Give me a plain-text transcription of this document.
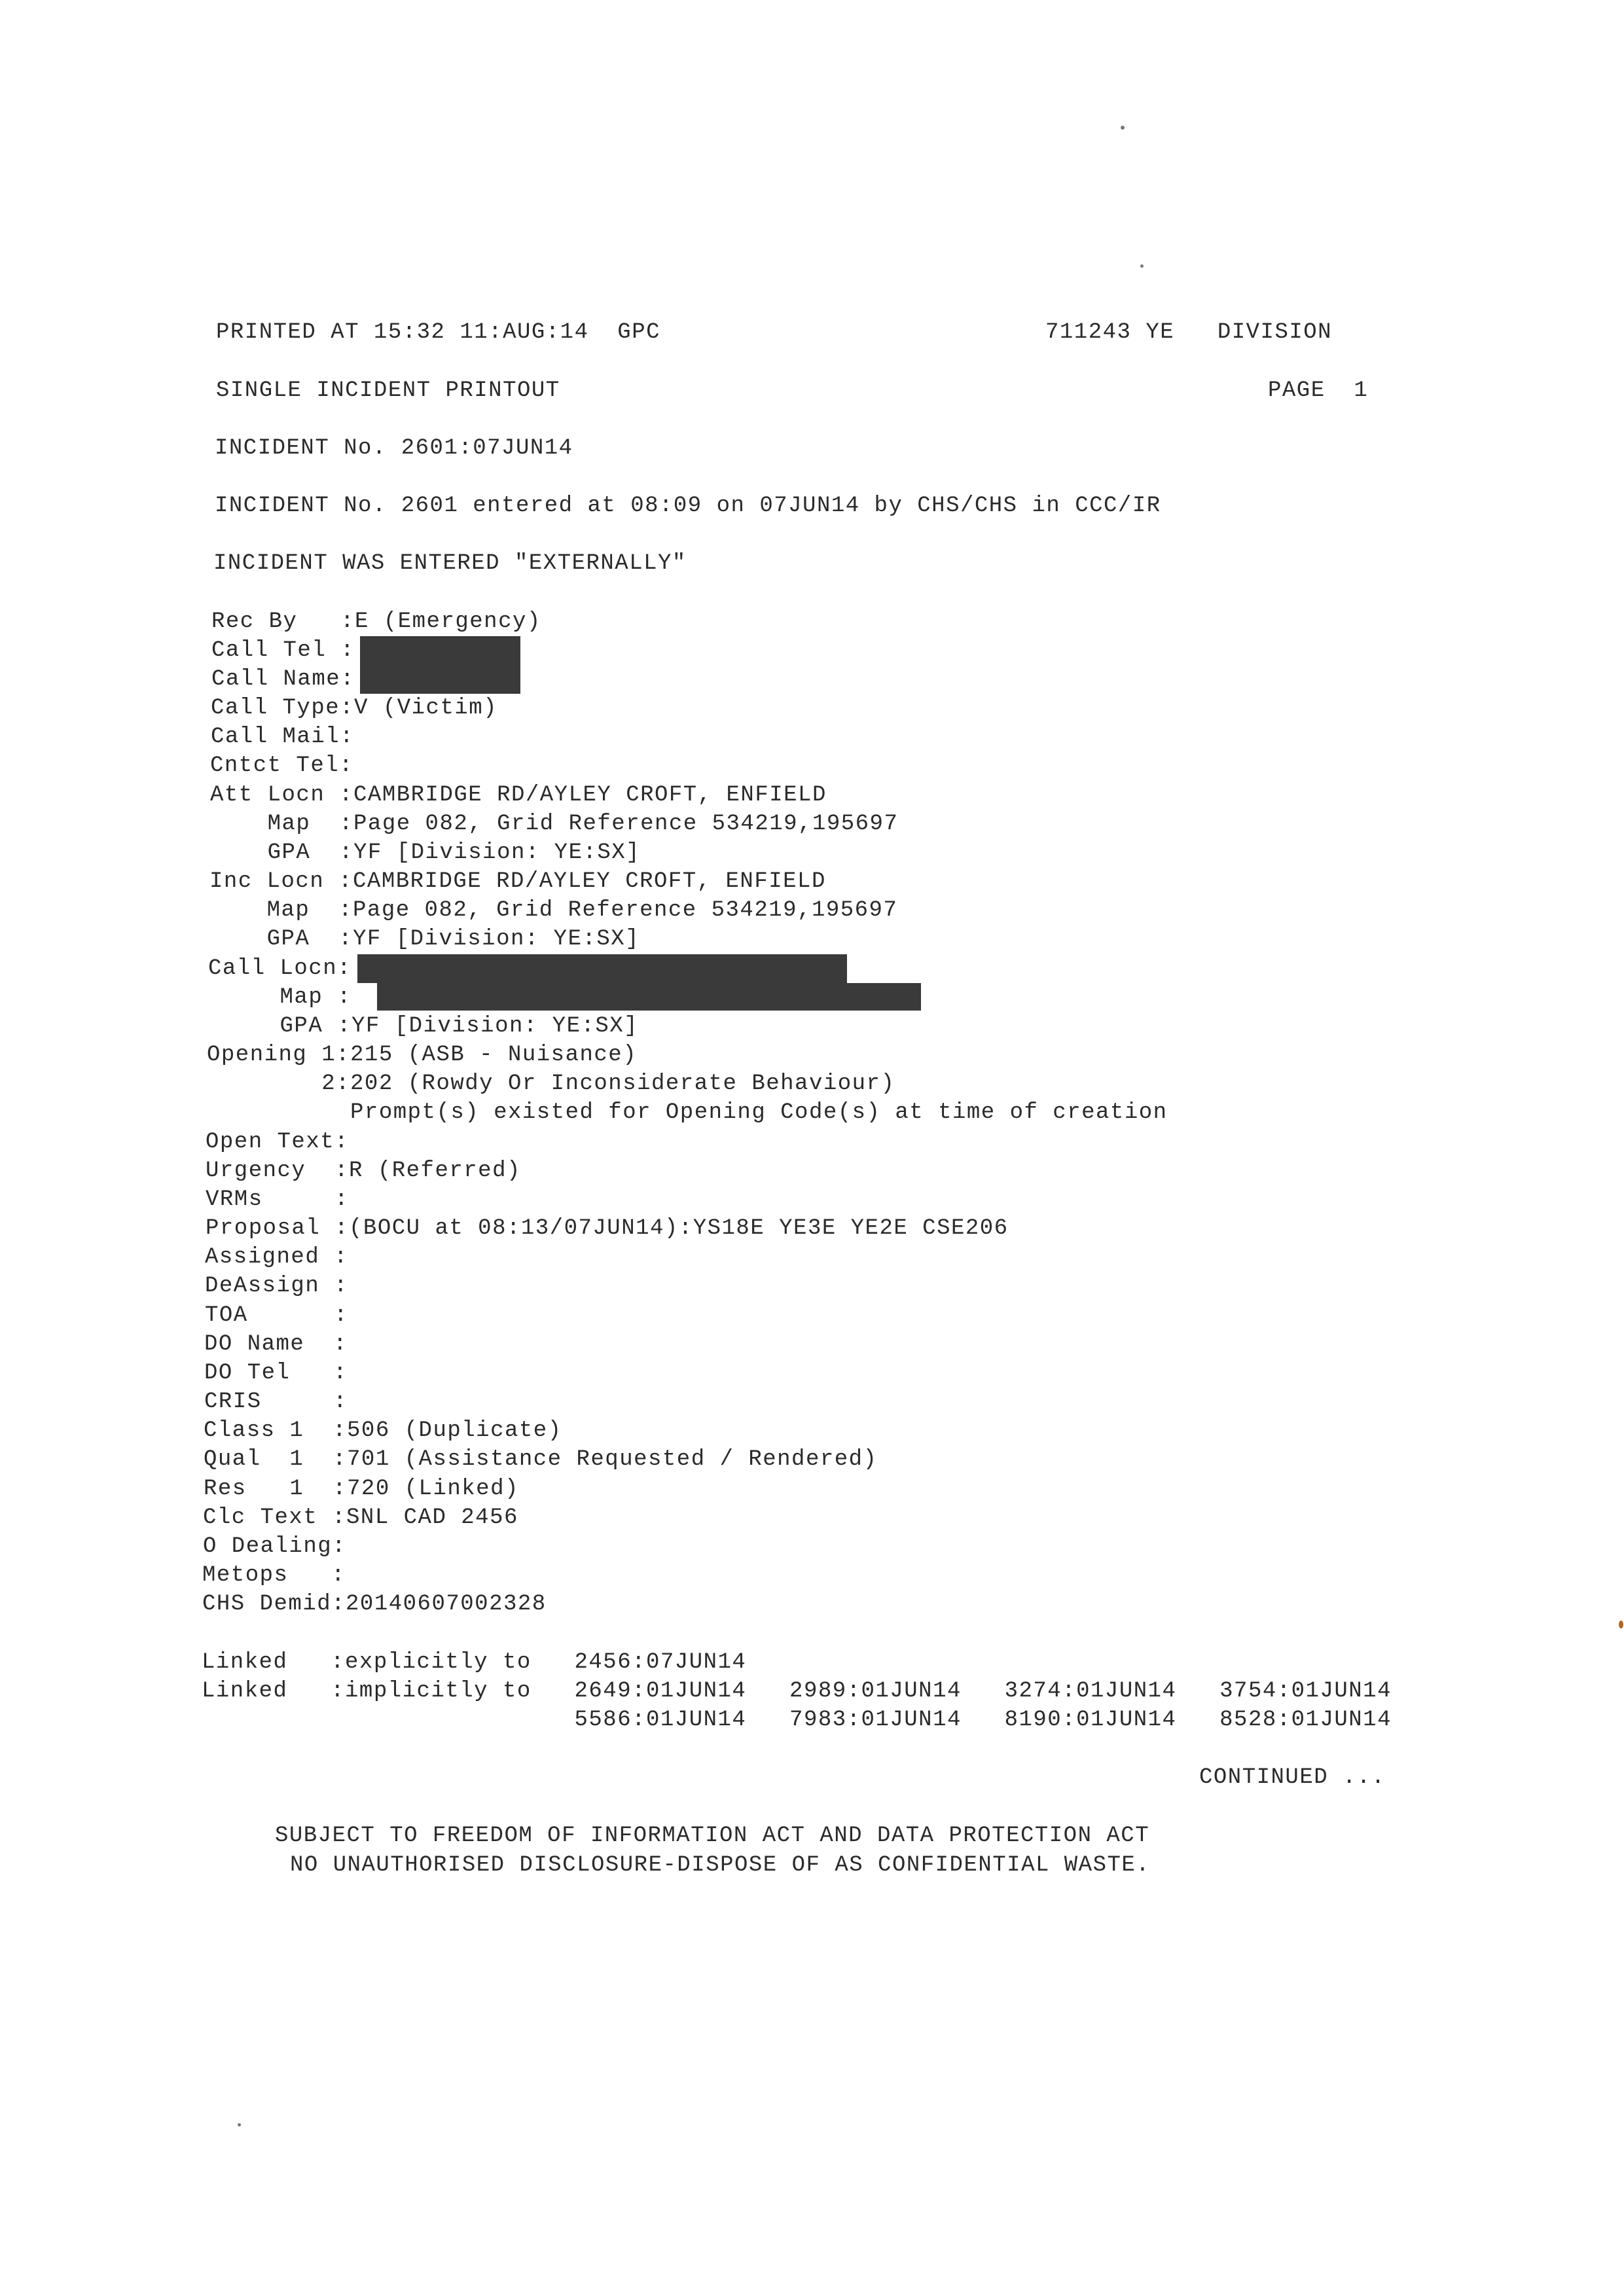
PRINTED AT 15:32 11:AUG:14  GPC	711243 YE   DIVISION
SINGLE INCIDENT PRINTOUT	PAGE  1
INCIDENT No. 2601:07JUN14
INCIDENT No. 2601 entered at 08:09 on 07JUN14 by CHS/CHS in CCC/IR
INCIDENT WAS ENTERED "EXTERNALLY"
Rec By   :E (Emergency)
Call Tel :
Call Name:
Call Type:V (Victim)
Call Mail:
Cntct Tel:
Att Locn :CAMBRIDGE RD/AYLEY CROFT, ENFIELD
Map  :Page 082, Grid Reference 534219,195697
GPA  :YF [Division: YE:SX]
Inc Locn :CAMBRIDGE RD/AYLEY CROFT, ENFIELD
Map  :Page 082, Grid Reference 534219,195697
GPA  :YF [Division: YE:SX]
Call Locn:
Map :
GPA :YF [Division: YE:SX]
Opening 1:215 (ASB - Nuisance)
2:202 (Rowdy Or Inconsiderate Behaviour)
Prompt(s) existed for Opening Code(s) at time of creation
Open Text:
Urgency  :R (Referred)
VRMs     :
Proposal :(BOCU at 08:13/07JUN14):YS18E YE3E YE2E CSE206
Assigned :
DeAssign :
TOA      :
DO Name  :
DO Tel   :
CRIS     :
Class 1  :506 (Duplicate)
Qual  1  :701 (Assistance Requested / Rendered)
Res   1  :720 (Linked)
Clc Text :SNL CAD 2456
O Dealing:
Metops   :
CHS Demid:20140607002328
Linked   :explicitly to   2456:07JUN14
Linked   :implicitly to   2649:01JUN14   2989:01JUN14   3274:01JUN14   3754:01JUN14
5586:01JUN14   7983:01JUN14   8190:01JUN14   8528:01JUN14
CONTINUED ...
SUBJECT TO FREEDOM OF INFORMATION ACT AND DATA PROTECTION ACT
NO UNAUTHORISED DISCLOSURE-DISPOSE OF AS CONFIDENTIAL WASTE.
